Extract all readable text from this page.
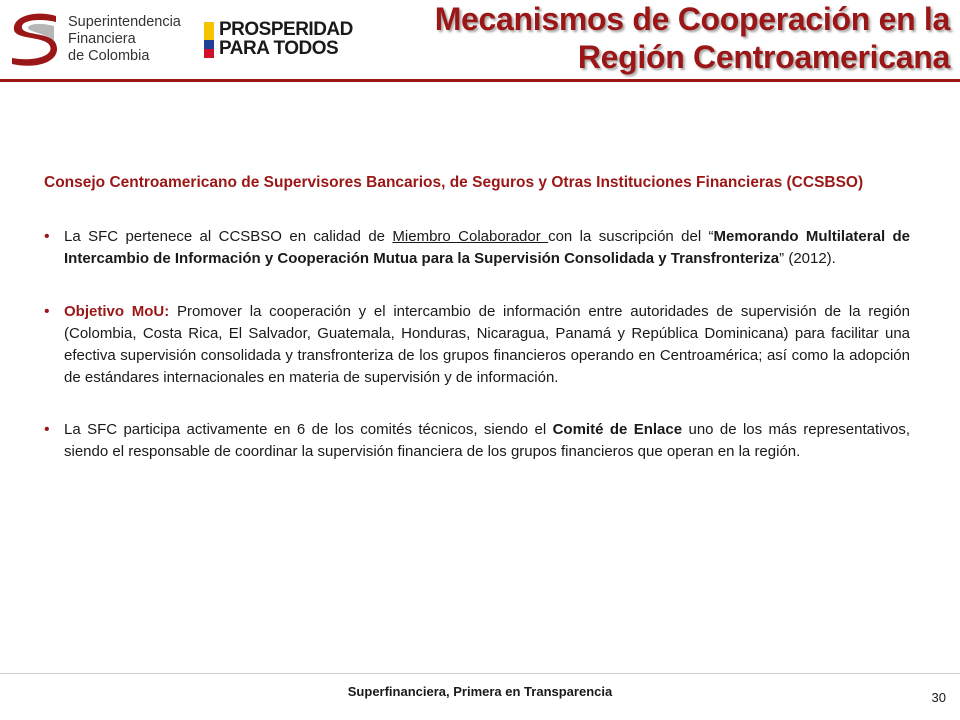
Superintendencia
Financiera
de Colombia
PROSPERIDAD
PARA TODOS
Mecanismos de Cooperación en la
Región Centroamericana
Consejo Centroamericano de Supervisores Bancarios, de Seguros y Otras Instituciones Financieras (CCSBSO)
• La SFC pertenece al CCSBSO en calidad de Miembro Colaborador con la suscripción del “Memorando Multilateral de Intercambio de Información y Cooperación Mutua para la Supervisión Consolidada y Transfronteriza” (2012).
• Objetivo MoU: Promover la cooperación y el intercambio de información entre autoridades de supervisión de la región (Colombia, Costa Rica, El Salvador, Guatemala, Honduras, Nicaragua, Panamá y República Dominicana) para facilitar una efectiva supervisión consolidada y transfronteriza de los grupos financieros operando en Centroamérica; así como la adopción de estándares internacionales en materia de supervisión y de información.
• La SFC participa activamente en 6 de los comités técnicos, siendo el Comité de Enlace uno de los más representativos, siendo el responsable de coordinar la supervisión financiera de los grupos financieros que operan en la región.
Superfinanciera, Primera en Transparencia	30
